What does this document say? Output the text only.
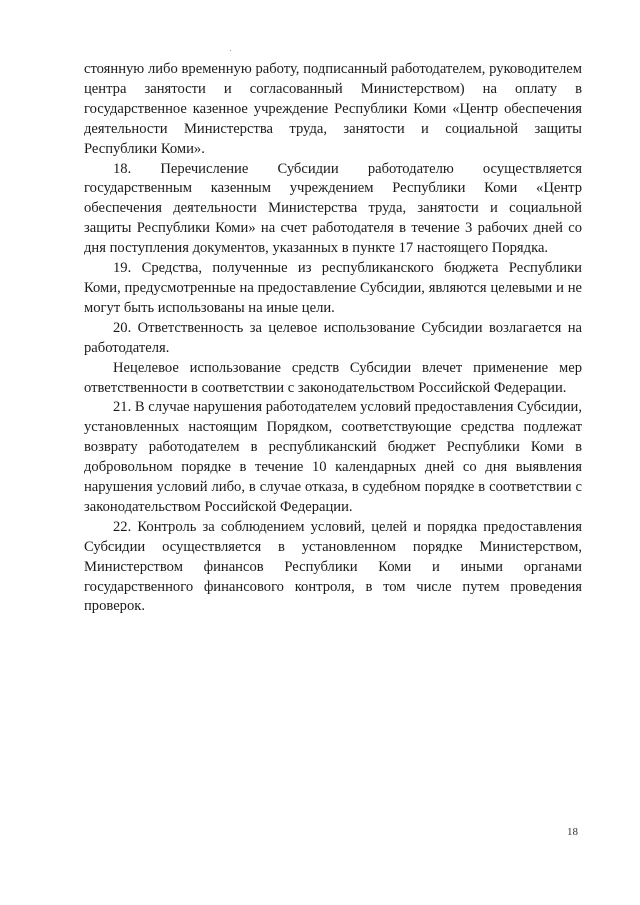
стоянную либо временную работу, подписанный работодателем, руководителем центра занятости и согласованный Министерством) на оплату в государственное казенное учреждение Республики Коми «Центр обеспечения деятельности Министерства труда, занятости и социальной защиты Республики Коми».

18. Перечисление Субсидии работодателю осуществляется государственным казенным учреждением Республики Коми «Центр обеспечения деятельности Министерства труда, занятости и социальной защиты Республики Коми» на счет работодателя в течение 3 рабочих дней со дня поступления документов, указанных в пункте 17 настоящего Порядка.

19. Средства, полученные из республиканского бюджета Республики Коми, предусмотренные на предоставление Субсидии, являются целевыми и не могут быть использованы на иные цели.

20. Ответственность за целевое использование Субсидии возлагается на работодателя.

Нецелевое использование средств Субсидии влечет применение мер ответственности в соответствии с законодательством Российской Федерации.

21. В случае нарушения работодателем условий предоставления Субсидии, установленных настоящим Порядком, соответствующие средства подлежат возврату работодателем в республиканский бюджет Республики Коми в добровольном порядке в течение 10 календарных дней со дня выявления нарушения условий либо, в случае отказа, в судебном порядке в соответствии с законодательством Российской Федерации.

22. Контроль за соблюдением условий, целей и порядка предоставления Субсидии осуществляется в установленном порядке Министерством, Министерством финансов Республики Коми и иными органами государственного финансового контроля, в том числе путем проведения проверок.

18
